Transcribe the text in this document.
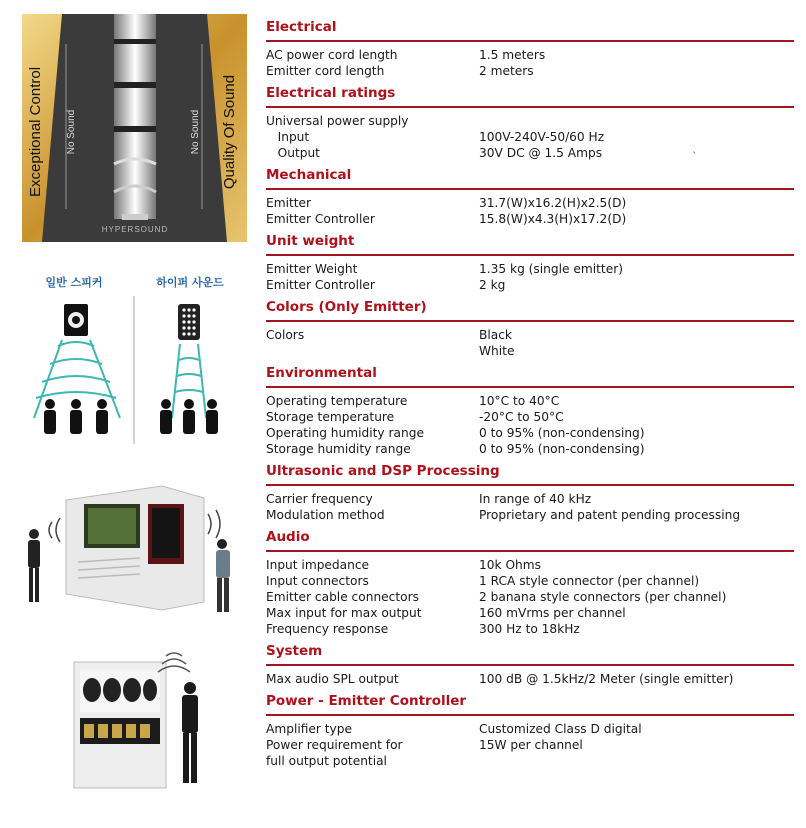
Exceptional Control	Quality Of Sound
No Sound	No Sound
HYPERSOUND
일반 스피커	하이퍼 사운드
Electrical
AC power cord length	1.5 meters
Emitter cord length	2 meters
Electrical ratings
Universal power supply
Input	100V-240V-50/60 Hz
Output	30V DC @ 1.5 Amps
Mechanical
Emitter	31.7(W)x16.2(H)x2.5(D)
Emitter Controller	15.8(W)x4.3(H)x17.2(D)
Unit weight
Emitter Weight	1.35 kg (single emitter)
Emitter Controller	2 kg
Colors (Only Emitter)
Colors	Black
White
Environmental
Operating temperature	10°C to 40°C
Storage temperature	-20°C to 50°C
Operating humidity range	0 to 95% (non-condensing)
Storage humidity range	0 to 95% (non-condensing)
Ultrasonic and DSP Processing
Carrier frequency	In range of 40 kHz
Modulation method	Proprietary and patent pending processing
Audio
Input impedance	10k Ohms
Input connectors	1 RCA style connector (per channel)
Emitter cable connectors	2 banana style connectors (per channel)
Max input for max output	160 mVrms per channel
Frequency response	300 Hz to 18kHz
System
Max audio SPL output	100 dB @ 1.5kHz/2 Meter (single emitter)
Power - Emitter Controller
Amplifier type	Customized Class D digital
Power requirement for	15W per channel
full output potential
`
